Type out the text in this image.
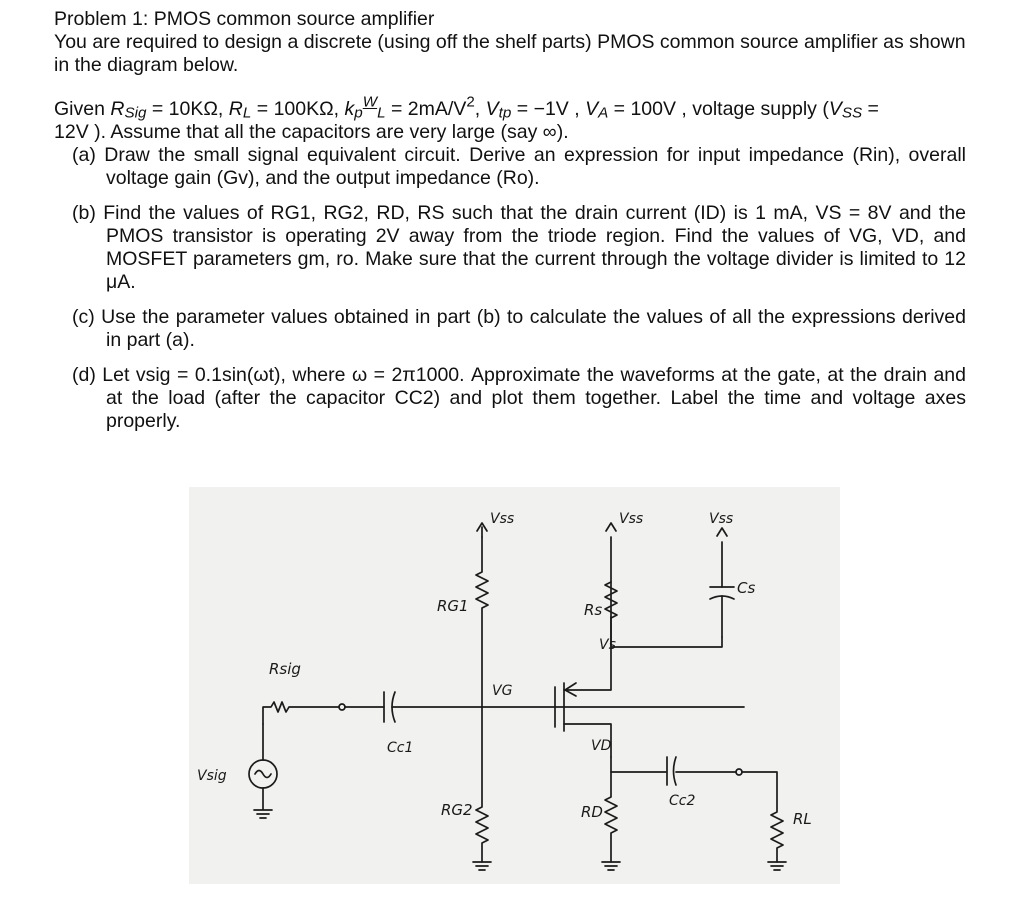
Problem 1: PMOS common source amplifier

You are required to design a discrete (using off the shelf parts) PMOS common source amplifier as shown in the diagram below.

Given $R_{Sig} = 10K\Omega$, $R_L = 100K\Omega$, $k_p^W_L = 2mA/V^2$, $V_{tp} = -1V$ , $V_A = 100V$ , voltage supply ($V_{SS}$ =
12V ). Assume that all the capacitors are very large (say ∞).

(a) Draw the small signal equivalent circuit. Derive an expression for input impedance (Rin), overall voltage gain (Gv), and the output impedance (Ro).

(b) Find the values of RG1, RG2, RD, RS such that the drain current (ID) is 1 mA, VS = 8V and the PMOS transistor is operating 2V away from the triode region. Find the values of VG, VD, and MOSFET parameters gm, ro. Make sure that the current through the voltage divider is limited to 12 μA.

(c) Use the parameter values obtained in part (b) to calculate the values of all the expressions derived in part (a).

(d) Let vsig = 0.1sin(ωt), where ω = 2π1000. Approximate the waveforms at the gate, at the drain and at the load (after the capacitor CC2) and plot them together. Label the time and voltage axes properly.

Vss	Vss	Vss
RG1	Rs
Cs
Vs
Rsig
VG
Cc1	VD
Cc2
Vsig
RG2	RD	RL
